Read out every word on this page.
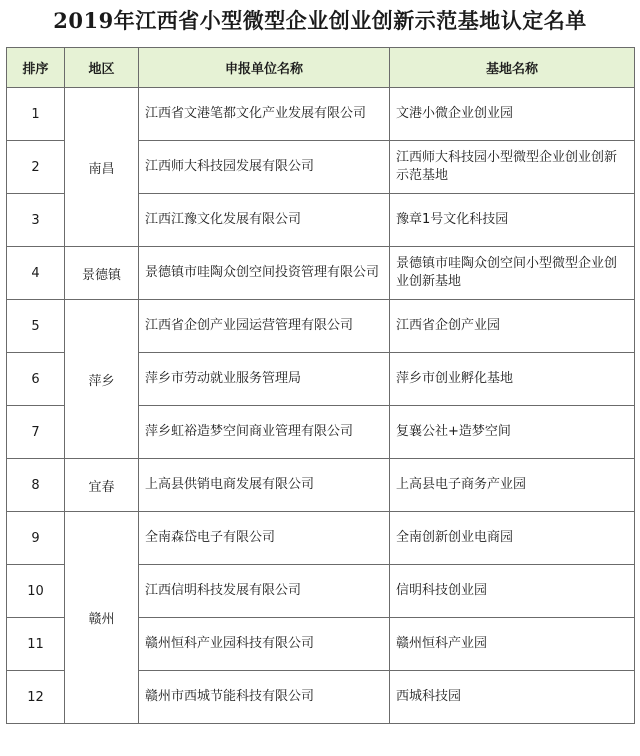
2019年江西省小型微型企业创业创新示范基地认定名单
排序	地区	申报单位名称	基地名称
1	南昌	江西省文港笔都文化产业发展有限公司	文港小微企业创业园
2		江西师大科技园发展有限公司	江西师大科技园小型微型企业创业创新示范基地
3		江西江豫文化发展有限公司	豫章1号文化科技园
4	景德镇	景德镇市哇陶众创空间投资管理有限公司	景德镇市哇陶众创空间小型微型企业创业创新基地
5	萍乡	江西省企创产业园运营管理有限公司	江西省企创产业园
6		萍乡市劳动就业服务管理局	萍乡市创业孵化基地
7		萍乡虹裕造梦空间商业管理有限公司	复襄公社+造梦空间
8	宜春	上高县供销电商发展有限公司	上高县电子商务产业园
9	赣州	全南森岱电子有限公司	全南创新创业电商园
10		江西信明科技发展有限公司	信明科技创业园
11		赣州恒科产业园科技有限公司	赣州恒科产业园
12		赣州市西城节能科技有限公司	西城科技园
